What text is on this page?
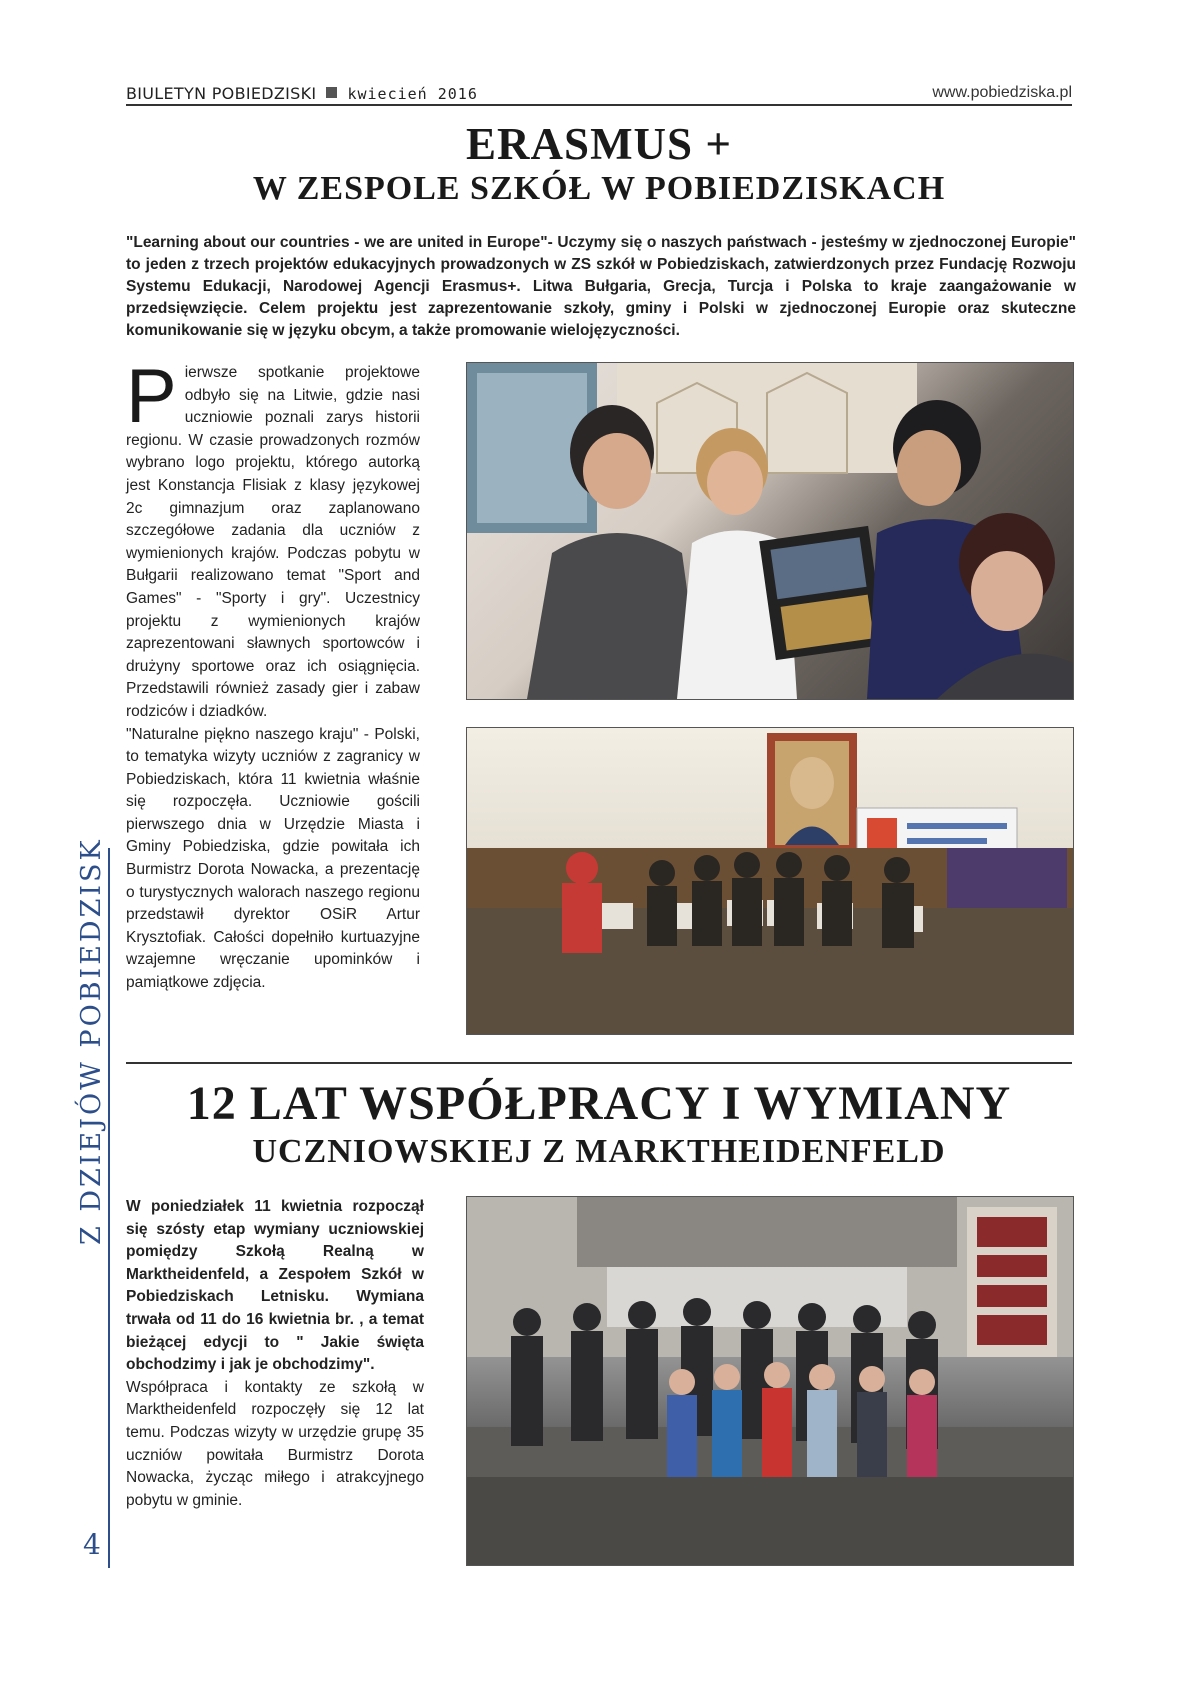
BIULETYN POBIEDZISKI kwiecień 2016	www.pobiedziska.pl
Z DZIEJÓW POBIEDZISK
4
ERASMUS +
W ZESPOLE SZKÓŁ W POBIEDZISKACH
"Learning about our countries - we are united in Europe"- Uczymy się o naszych państwach - jesteśmy w zjednoczonej Europie" to jeden z trzech projektów edukacyjnych prowadzonych w ZS szkół w Pobiedziskach, zatwierdzonych przez Fundację Rozwoju Systemu Edukacji, Narodowej Agencji Erasmus+. Litwa Bułgaria, Grecja, Turcja i Polska to kraje zaangażowanie w przedsięwzięcie. Celem projektu jest zaprezentowanie szkoły, gminy i Polski w zjednoczonej Europie oraz skuteczne komunikowanie się w języku obcym, a także promowanie wielojęzyczności.
P ierwsze spotkanie projektowe odbyło się na Litwie, gdzie nasi uczniowie poznali zarys historii regionu. W czasie prowadzonych rozmów wybrano logo projektu, którego autorką jest Konstancja Flisiak z klasy językowej 2c gimnazjum oraz zaplanowano szczegółowe zadania dla uczniów z wymienionych krajów. Podczas pobytu w Bułgarii realizowano temat "Sport and Games" - "Sporty i gry". Uczestnicy projektu z wymienionych krajów zaprezentowani sławnych sportowców i drużyny sportowe oraz ich osiągnięcia. Przedstawili również zasady gier i zabaw rodziców i dziadków.
"Naturalne piękno naszego kraju" - Polski, to tematyka wizyty uczniów z zagranicy w Pobiedziskach, która 11 kwietnia właśnie się rozpoczęła. Uczniowie gościli pierwszego dnia w Urzędzie Miasta i Gminy Pobiedziska, gdzie powitała ich Burmistrz Dorota Nowacka, a prezentację o turystycznych walorach naszego regionu przedstawił dyrektor OSiR Artur Krysztofiak. Całości dopełniło kurtuazyjne wzajemne wręczanie upominków i pamiątkowe zdjęcia.
12 LAT WSPÓŁPRACY I WYMIANY
UCZNIOWSKIEJ Z MARKTHEIDENFELD
W poniedziałek 11 kwietnia rozpoczął się szósty etap wymiany uczniowskiej pomiędzy Szkołą Realną w Marktheidenfeld, a Zespołem Szkół w Pobiedziskach Letnisku. Wymiana trwała od 11 do 16 kwietnia br. , a temat bieżącej edycji to " Jakie święta obchodzimy i jak je obchodzimy".
Współpraca i kontakty ze szkołą w Marktheidenfeld rozpoczęły się 12 lat temu. Podczas wizyty w urzędzie grupę 35 uczniów powitała Burmistrz Dorota Nowacka, życząc miłego i atrakcyjnego pobytu w gminie.
